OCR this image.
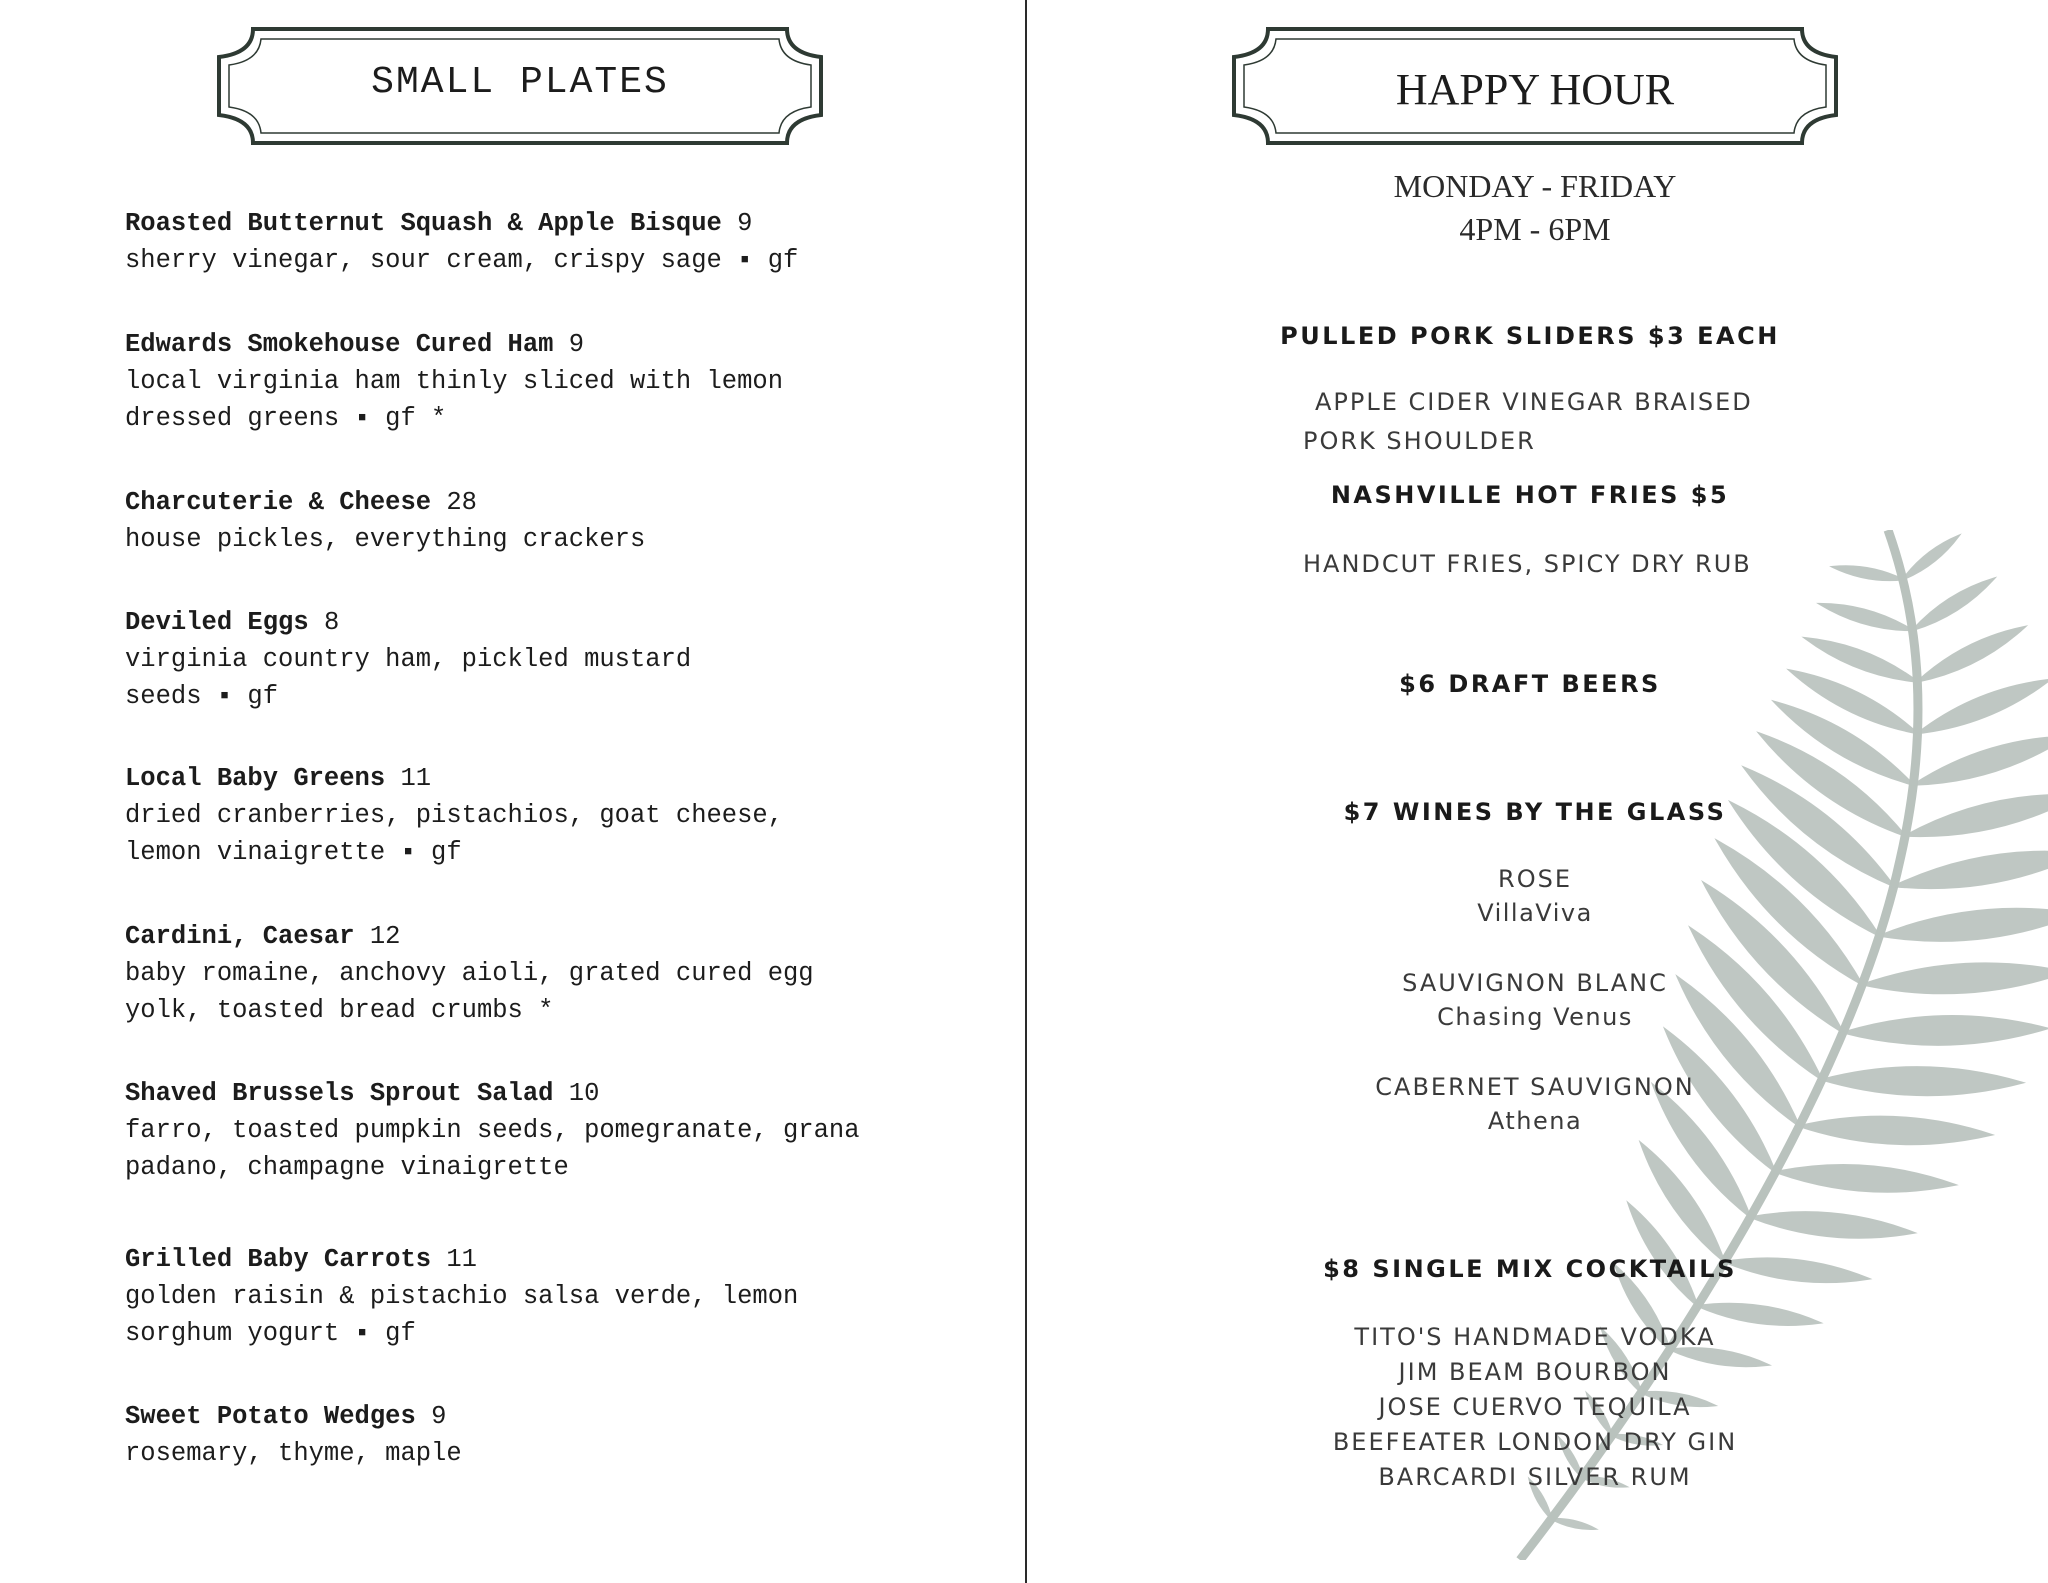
SMALL PLATES
Roasted Butternut Squash & Apple Bisque 9
sherry vinegar, sour cream, crispy sage ▪ gf
Edwards Smokehouse Cured Ham 9
local virginia ham thinly sliced with lemon
dressed greens ▪ gf *
Charcuterie & Cheese 28
house pickles, everything crackers
Deviled Eggs 8
virginia country ham, pickled mustard
seeds ▪ gf
Local Baby Greens 11
dried cranberries, pistachios, goat cheese,
lemon vinaigrette ▪ gf
Cardini, Caesar 12
baby romaine, anchovy aioli, grated cured egg
yolk, toasted bread crumbs *
Shaved Brussels Sprout Salad 10
farro, toasted pumpkin seeds, pomegranate, grana
padano, champagne vinaigrette
Grilled Baby Carrots 11
golden raisin & pistachio salsa verde, lemon
sorghum yogurt ▪ gf
Sweet Potato Wedges 9
rosemary, thyme, maple
HAPPY HOUR
MONDAY - FRIDAY
4PM - 6PM
PULLED PORK SLIDERS $3 EACH
APPLE CIDER VINEGAR BRAISED
PORK SHOULDER
NASHVILLE HOT FRIES $5
HANDCUT FRIES, SPICY DRY RUB
$6 DRAFT BEERS
$7 WINES BY THE GLASS
ROSE
VillaViva
SAUVIGNON BLANC
Chasing Venus
CABERNET SAUVIGNON
Athena
$8 SINGLE MIX COCKTAILS
TITO'S HANDMADE VODKA
JIM BEAM BOURBON
JOSE CUERVO TEQUILA
BEEFEATER LONDON DRY GIN
BARCARDI SILVER RUM
